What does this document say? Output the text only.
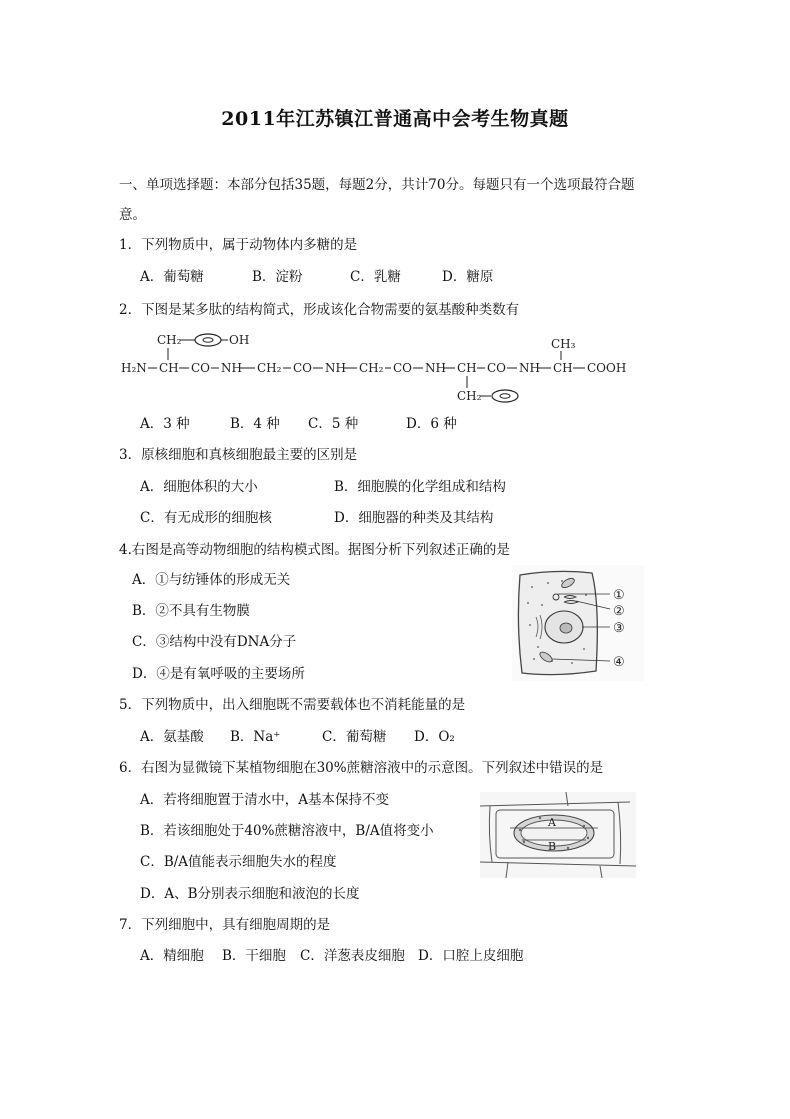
2011年江苏镇江普通高中会考生物真题
一、单项选择题：本部分包括35题，每题2分，共计70分。每题只有一个选项最符合题
意。
1．下列物质中，属于动物体内多糖的是
A．葡萄糖	B．淀粉	C．乳糖	D．糖原
2．下图是某多肽的结构简式，形成该化合物需要的氨基酸种类数有
CH₂	OH	CH₃
H₂N CH CO NH CH₂ CO NH CH₂ CO NH CH CO NH CH COOH
CH₂
A．3 种	B．4 种 C．5 种	D．6 种
3．原核细胞和真核细胞最主要的区别是
A．细胞体积的大小	B．细胞膜的化学组成和结构
C．有无成形的细胞核	D．细胞器的种类及其结构
4.右图是高等动物细胞的结构模式图。据图分析下列叙述正确的是
A．①与纺锤体的形成无关
B．②不具有生物膜
C．③结构中没有DNA分子
D．④是有氧呼吸的主要场所
①
②
③
④
5．下列物质中，出入细胞既不需要载体也不消耗能量的是
A．氨基酸 B．Na⁺	C．葡萄糖 D．O₂
6．右图为显微镜下某植物细胞在30%蔗糖溶液中的示意图。下列叙述中错误的是
A．若将细胞置于清水中，A基本保持不变
B．若该细胞处于40%蔗糖溶液中，B/A值将变小
C．B/A值能表示细胞失水的程度
D．A、B分别表示细胞和液泡的长度
A
B
7．下列细胞中，具有细胞周期的是
A．精细胞 B．干细胞 C．洋葱表皮细胞 D．口腔上皮细胞
